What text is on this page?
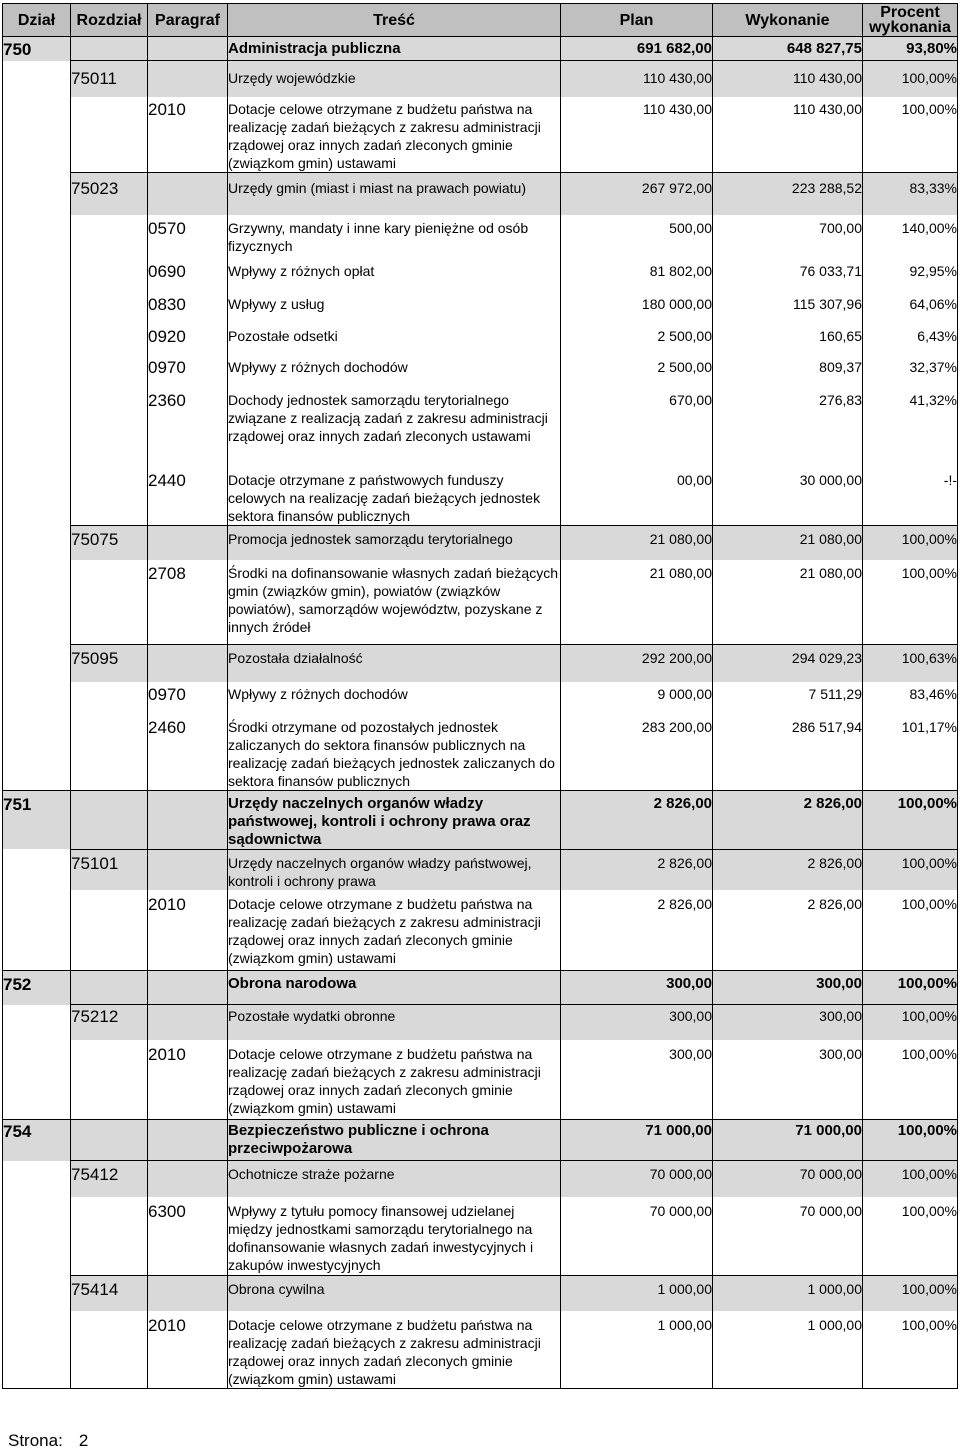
Dział	Rozdział	Paragraf	Treść	Plan	Wykonanie	Procent wykonania
750			Administracja publiczna	691 682,00	648 827,75	93,80%
	75011		Urzędy wojewódzkie	110 430,00	110 430,00	100,00%
		2010	Dotacje celowe otrzymane z budżetu państwa na realizację zadań bieżących z zakresu administracji rządowej oraz innych zadań zleconych gminie (związkom gmin) ustawami	110 430,00	110 430,00	100,00%
	75023		Urzędy gmin (miast i miast na prawach powiatu)	267 972,00	223 288,52	83,33%
		0570	Grzywny, mandaty i inne kary pieniężne od osób fizycznych	500,00	700,00	140,00%
		0690	Wpływy z różnych opłat	81 802,00	76 033,71	92,95%
		0830	Wpływy z usług	180 000,00	115 307,96	64,06%
		0920	Pozostałe odsetki	2 500,00	160,65	6,43%
		0970	Wpływy z różnych dochodów	2 500,00	809,37	32,37%
		2360	Dochody jednostek samorządu terytorialnego związane z realizacją zadań z zakresu administracji rządowej oraz innych zadań zleconych ustawami	670,00	276,83	41,32%
		2440	Dotacje otrzymane z państwowych funduszy celowych na realizację zadań bieżących jednostek sektora finansów publicznych	00,00	30 000,00	-!-
	75075		Promocja jednostek samorządu terytorialnego	21 080,00	21 080,00	100,00%
		2708	Środki na dofinansowanie własnych zadań bieżących gmin (związków gmin), powiatów (związków powiatów), samorządów województw, pozyskane z innych źródeł	21 080,00	21 080,00	100,00%
	75095		Pozostała działalność	292 200,00	294 029,23	100,63%
		0970	Wpływy z różnych dochodów	9 000,00	7 511,29	83,46%
		2460	Środki otrzymane od pozostałych jednostek zaliczanych do sektora finansów publicznych na realizację zadań bieżących jednostek zaliczanych do sektora finansów publicznych	283 200,00	286 517,94	101,17%
751			Urzędy naczelnych organów władzy państwowej, kontroli i ochrony prawa oraz sądownictwa	2 826,00	2 826,00	100,00%
	75101		Urzędy naczelnych organów władzy państwowej, kontroli i ochrony prawa	2 826,00	2 826,00	100,00%
		2010	Dotacje celowe otrzymane z budżetu państwa na realizację zadań bieżących z zakresu administracji rządowej oraz innych zadań zleconych gminie (związkom gmin) ustawami	2 826,00	2 826,00	100,00%
752			Obrona narodowa	300,00	300,00	100,00%
	75212		Pozostałe wydatki obronne	300,00	300,00	100,00%
		2010	Dotacje celowe otrzymane z budżetu państwa na realizację zadań bieżących z zakresu administracji rządowej oraz innych zadań zleconych gminie (związkom gmin) ustawami	300,00	300,00	100,00%
754			Bezpieczeństwo publiczne i ochrona przeciwpożarowa	71 000,00	71 000,00	100,00%
	75412		Ochotnicze straże pożarne	70 000,00	70 000,00	100,00%
		6300	Wpływy z tytułu pomocy finansowej udzielanej między jednostkami samorządu terytorialnego na dofinansowanie własnych zadań inwestycyjnych i zakupów inwestycyjnych	70 000,00	70 000,00	100,00%
	75414		Obrona cywilna	1 000,00	1 000,00	100,00%
		2010	Dotacje celowe otrzymane z budżetu państwa na realizację zadań bieżących z zakresu administracji rządowej oraz innych zadań zleconych gminie (związkom gmin) ustawami	1 000,00	1 000,00	100,00%
Strona: 2
